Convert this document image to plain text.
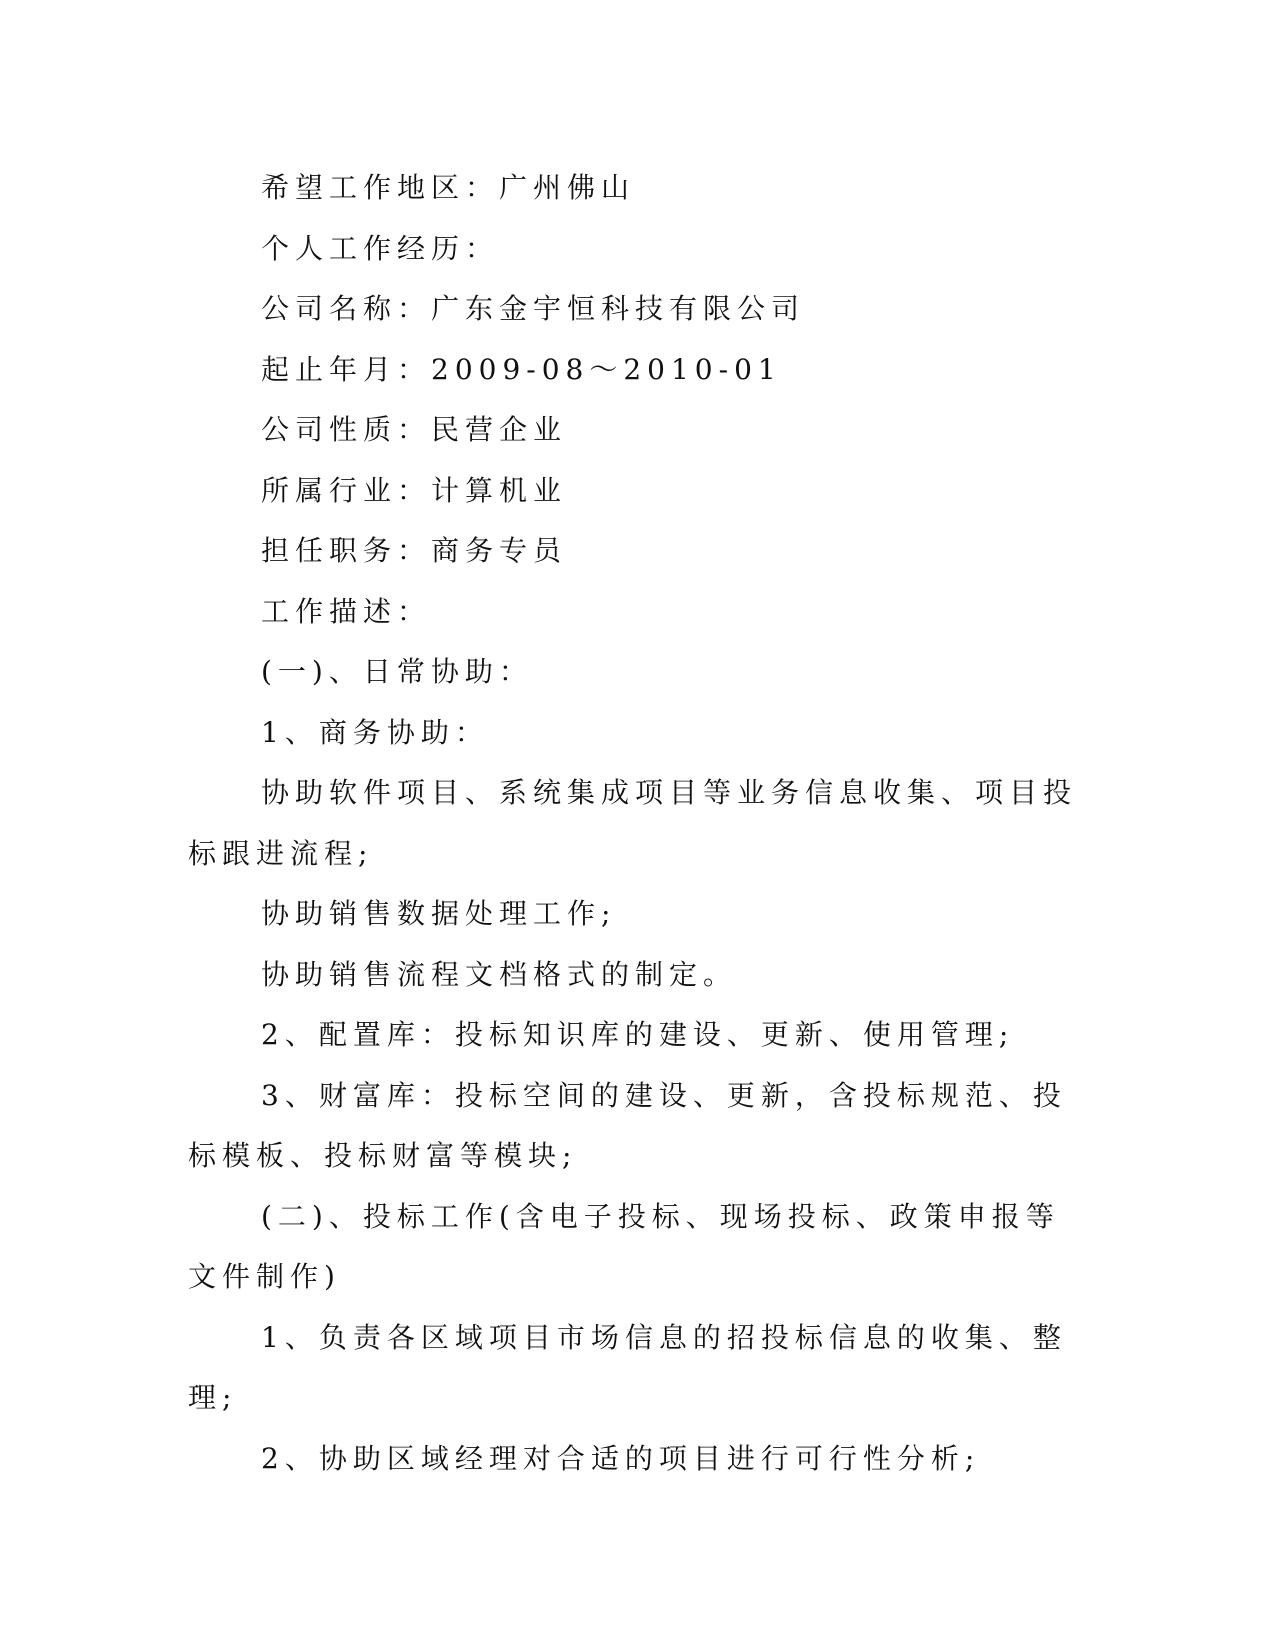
希望工作地区：广州佛山

个人工作经历：

公司名称：广东金宇恒科技有限公司

起止年月：2009-08～2010-01

公司性质：民营企业

所属行业：计算机业

担任职务：商务专员

工作描述：

(一)、日常协助：

1、商务协助：

协助软件项目、系统集成项目等业务信息收集、项目投标跟进流程;

协助销售数据处理工作;

协助销售流程文档格式的制定。

2、配置库：投标知识库的建设、更新、使用管理;

3、财富库：投标空间的建设、更新，含投标规范、投标模板、投标财富等模块;

(二)、投标工作(含电子投标、现场投标、政策申报等文件制作)

1、负责各区域项目市场信息的招投标信息的收集、整理;

2、协助区域经理对合适的项目进行可行性分析;
